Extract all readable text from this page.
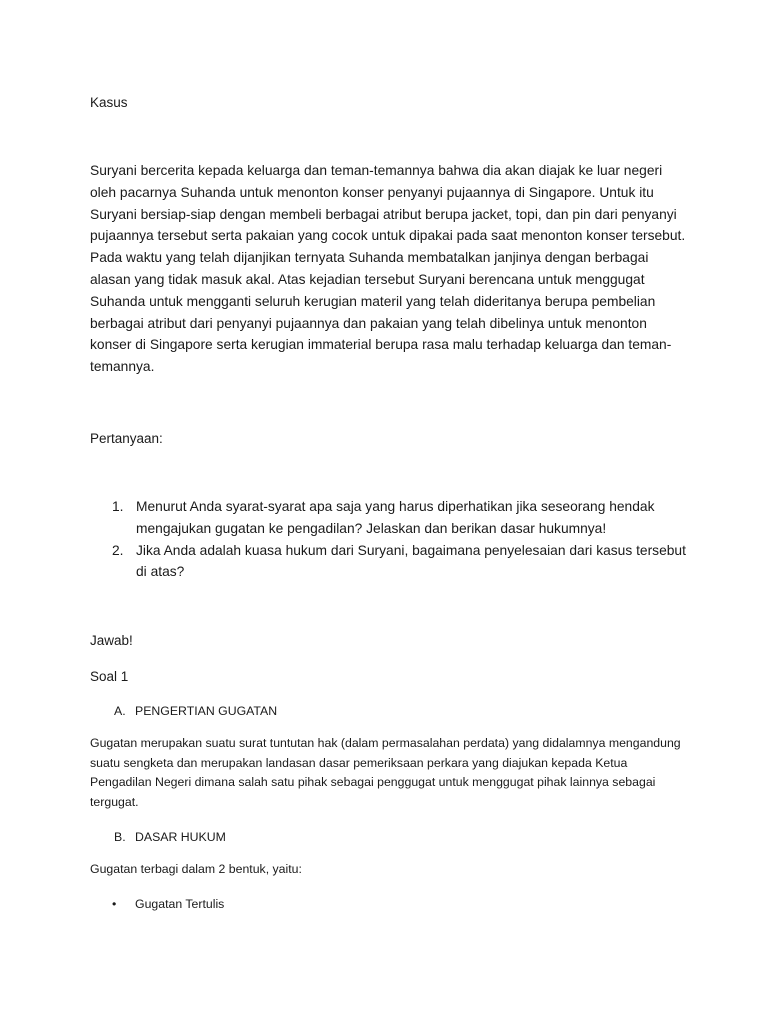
Kasus

Suryani bercerita kepada keluarga dan teman-temannya bahwa dia akan diajak ke luar negeri oleh pacarnya Suhanda untuk menonton konser penyanyi pujaannya di Singapore. Untuk itu Suryani bersiap-siap dengan membeli berbagai atribut berupa jacket, topi, dan pin dari penyanyi pujaannya tersebut serta pakaian yang cocok untuk dipakai pada saat menonton konser tersebut. Pada waktu yang telah dijanjikan ternyata Suhanda membatalkan janjinya dengan berbagai alasan yang tidak masuk akal. Atas kejadian tersebut Suryani berencana untuk menggugat Suhanda untuk mengganti seluruh kerugian materil yang telah dideritanya berupa pembelian berbagai atribut dari penyanyi pujaannya dan pakaian yang telah dibelinya untuk menonton konser di Singapore serta kerugian immaterial berupa rasa malu terhadap keluarga dan teman-temannya.

Pertanyaan:
1. Menurut Anda syarat-syarat apa saja yang harus diperhatikan jika seseorang hendak mengajukan gugatan ke pengadilan? Jelaskan dan berikan dasar hukumnya!
2. Jika Anda adalah kuasa hukum dari Suryani, bagaimana penyelesaian dari kasus tersebut di atas?
Jawab!
Soal 1
A. PENGERTIAN GUGATAN

Gugatan merupakan suatu surat tuntutan hak (dalam permasalahan perdata) yang didalamnya mengandung suatu sengketa dan merupakan landasan dasar pemeriksaan perkara yang diajukan kepada Ketua Pengadilan Negeri dimana salah satu pihak sebagai penggugat untuk menggugat pihak lainnya sebagai tergugat.

B. DASAR HUKUM

Gugatan terbagi dalam 2 bentuk, yaitu:

• Gugatan Tertulis
